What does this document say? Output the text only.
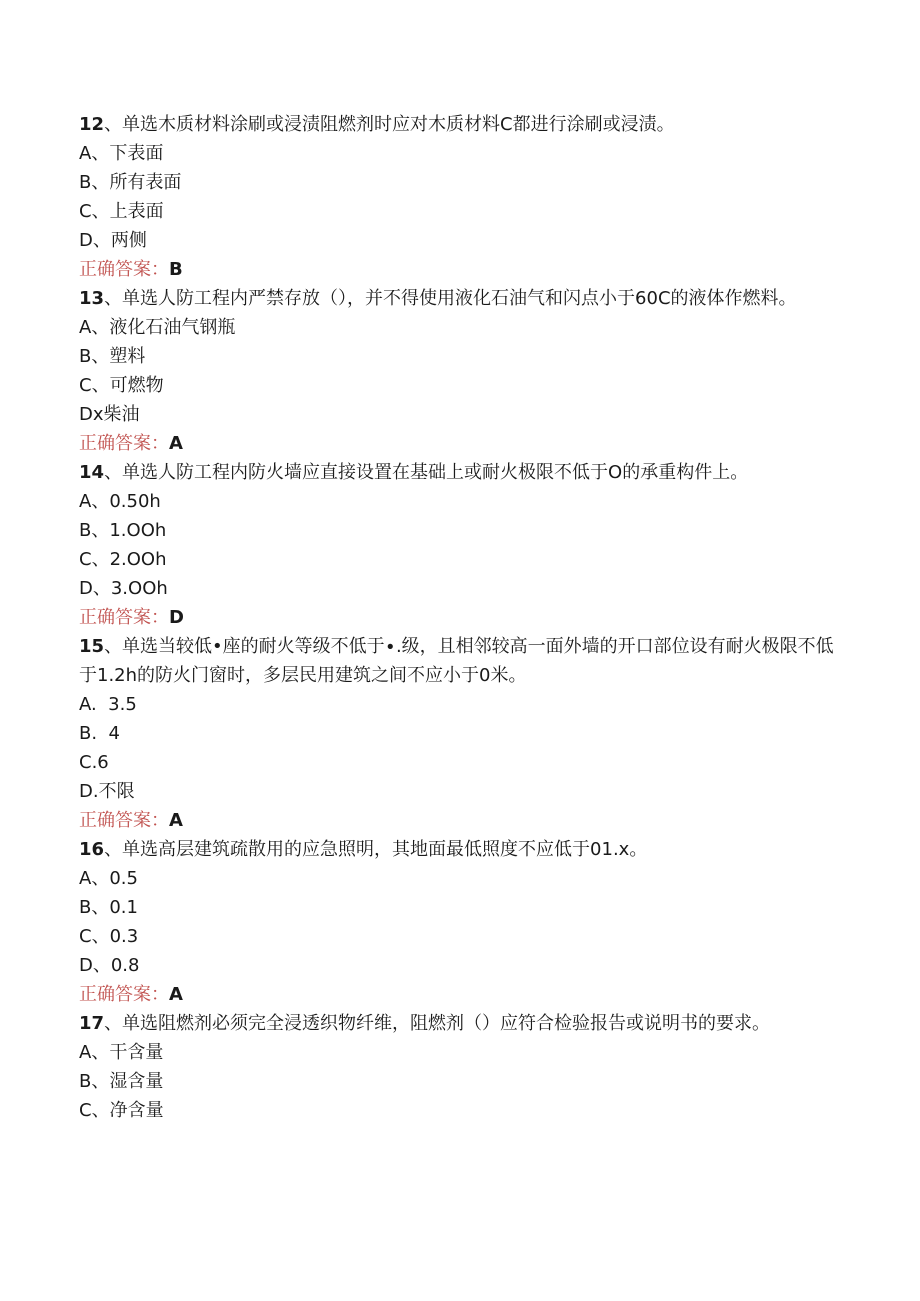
12、单选木质材料涂刷或浸渍阻燃剂时应对木质材料C都进行涂刷或浸渍。
A、下表面
B、所有表面
C、上表面
D、两侧
正确答案：B
13、单选人防工程内严禁存放（），并不得使用液化石油气和闪点小于60C的液体作燃料。
A、液化石油气钢瓶
B、塑料
C、可燃物
Dx柴油
正确答案：A
14、单选人防工程内防火墙应直接设置在基础上或耐火极限不低于O的承重构件上。
A、0.50h
B、1.OOh
C、2.OOh
D、3.OOh
正确答案：D
15、单选当较低•座的耐火等级不低于∙.级，且相邻较高一面外墙的开口部位设有耐火极限不低于1.2h的防火门窗时，多层民用建筑之间不应小于0米。
A.  3.5
B.  4
C.6
D.不限
正确答案：A
16、单选高层建筑疏散用的应急照明，其地面最低照度不应低于01.x。
A、0.5
B、0.1
C、0.3
D、0.8
正确答案：A
17、单选阻燃剂必须完全浸透织物纤维，阻燃剂（）应符合检验报告或说明书的要求。
A、干含量
B、湿含量
C、净含量
